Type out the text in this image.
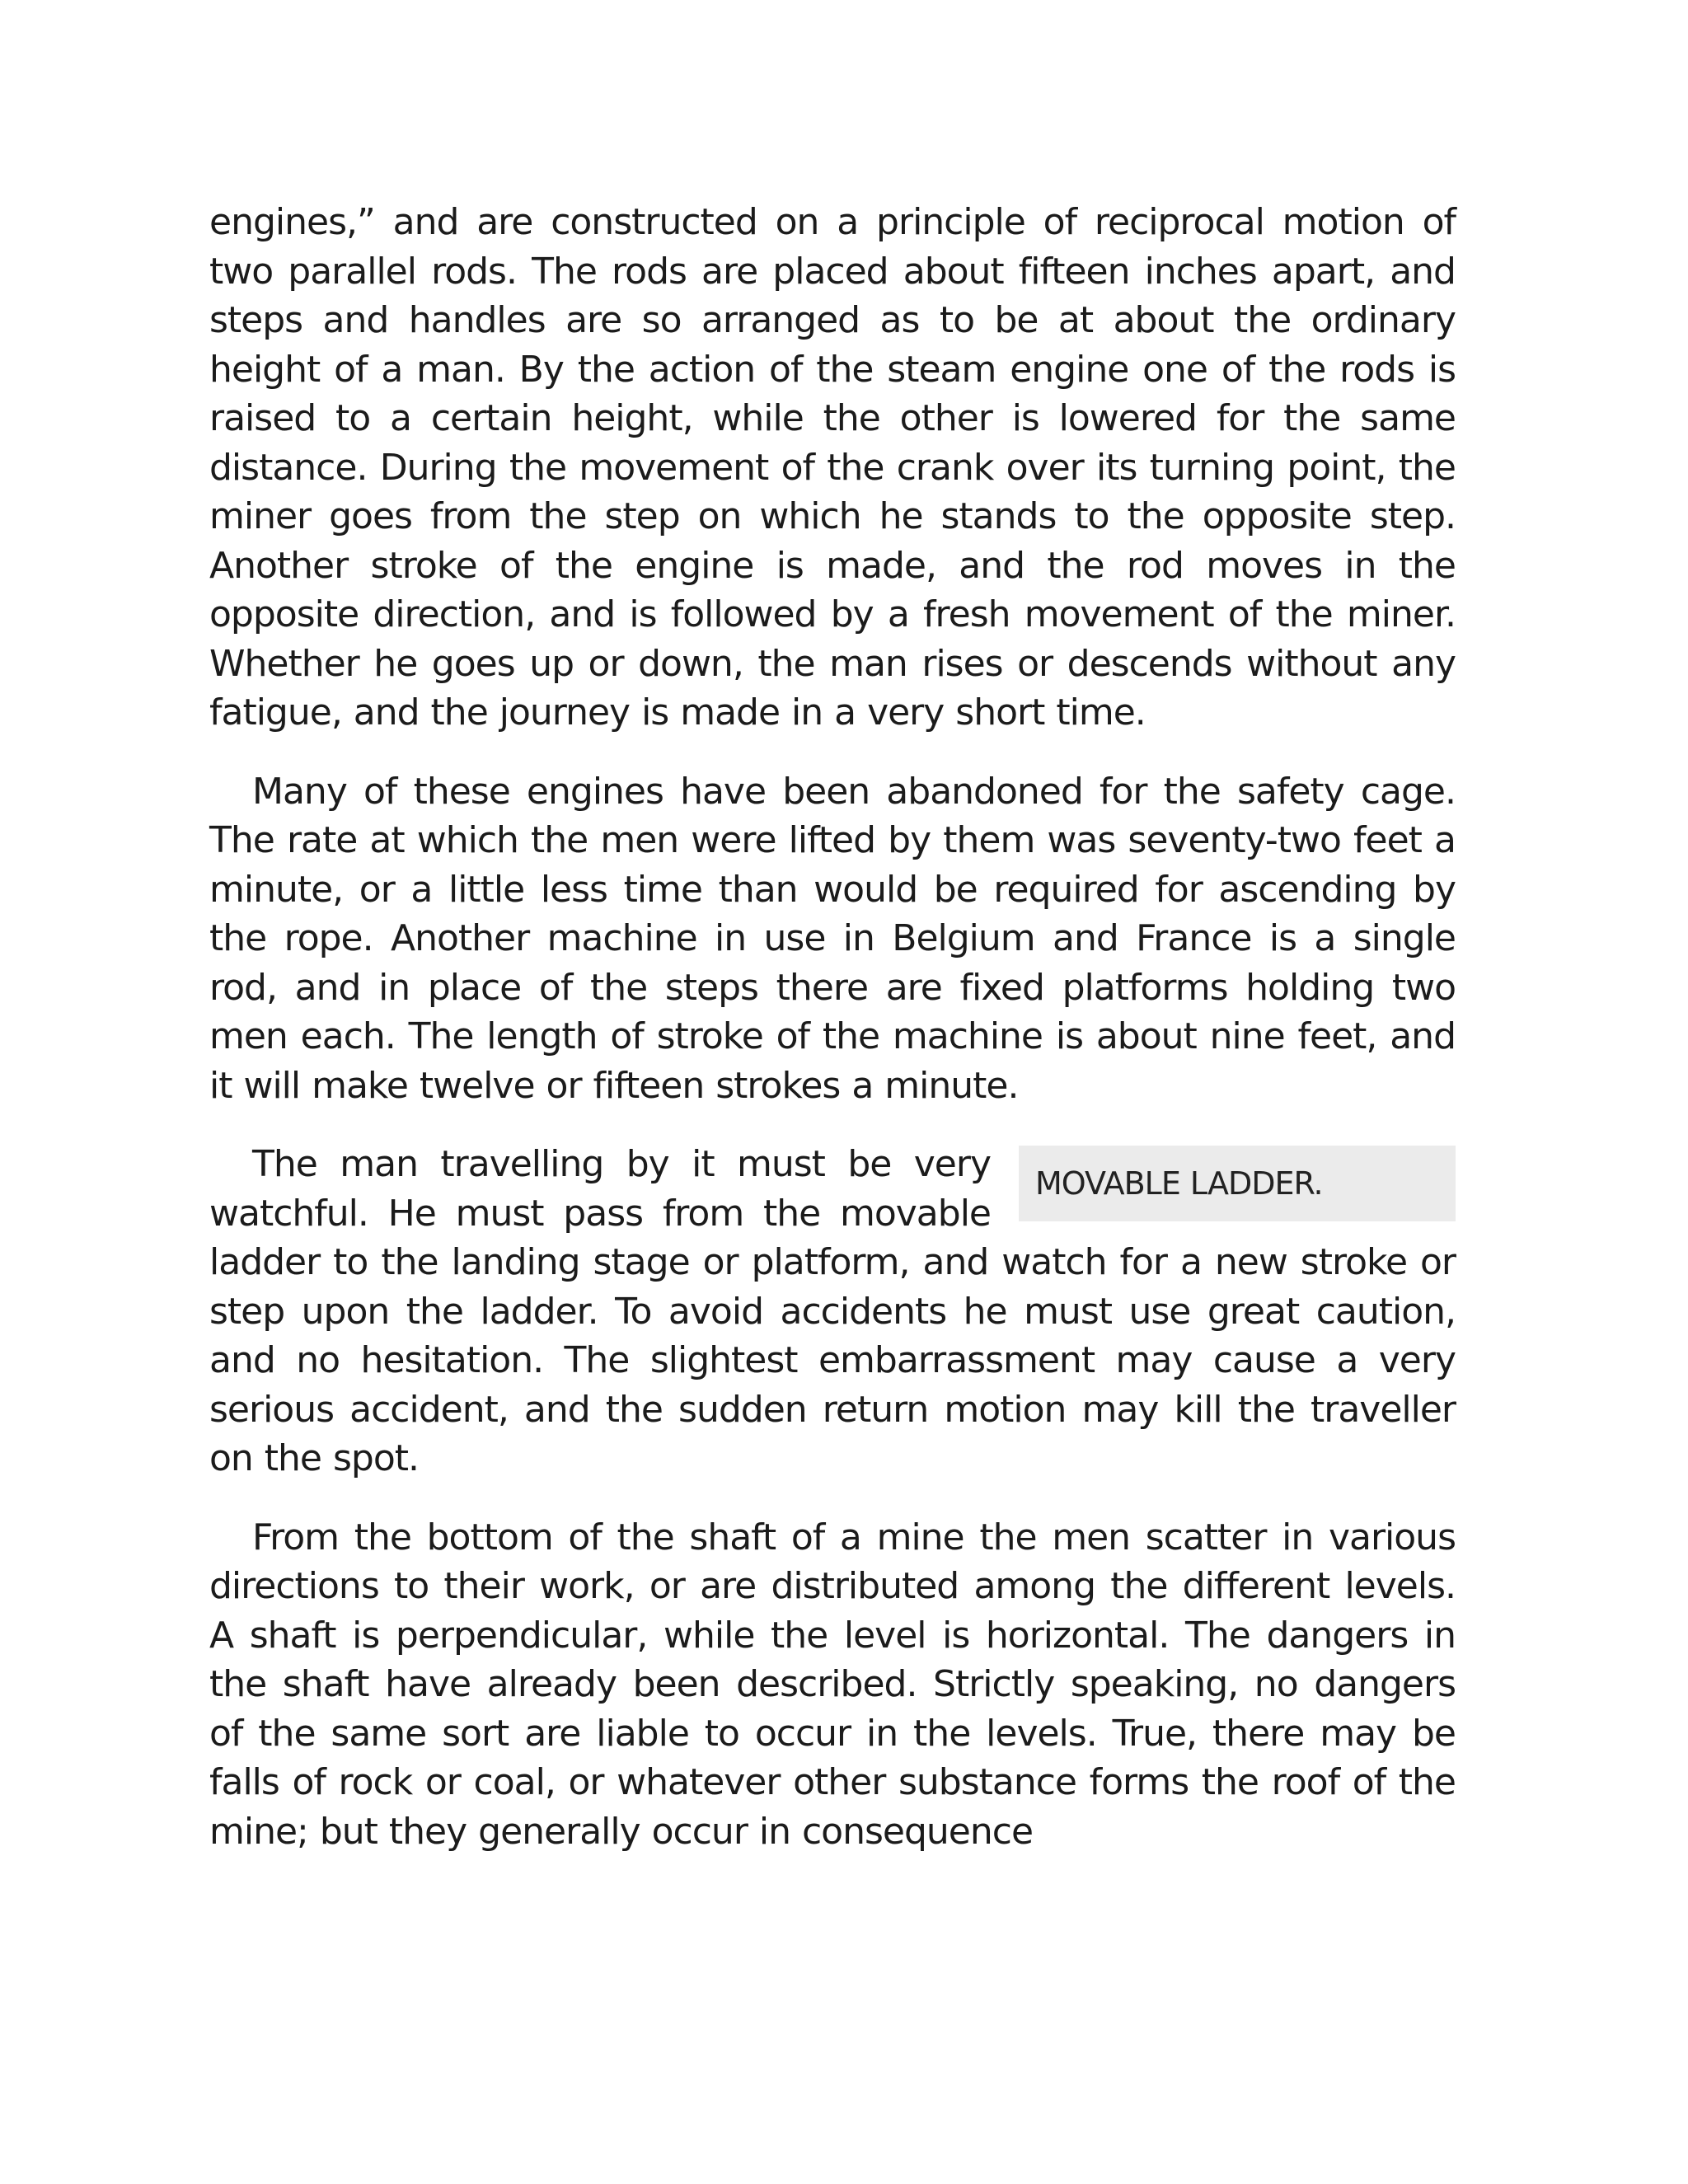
engines,” and are constructed on a principle of reciprocal motion of two parallel rods. The rods are placed about fifteen inches apart, and steps and handles are so arranged as to be at about the ordinary height of a man. By the action of the steam engine one of the rods is raised to a certain height, while the other is lowered for the same distance. During the movement of the crank over its turning point, the miner goes from the step on which he stands to the opposite step. Another stroke of the engine is made, and the rod moves in the opposite direction, and is followed by a fresh movement of the miner. Whether he goes up or down, the man rises or descends without any fatigue, and the journey is made in a very short time.

Many of these engines have been abandoned for the safety cage. The rate at which the men were lifted by them was seventy-two feet a minute, or a little less time than would be required for ascending by the rope. Another machine in use in Belgium and France is a single rod, and in place of the steps there are fixed platforms holding two men each. The length of stroke of the machine is about nine feet, and it will make twelve or fifteen strokes a minute.

MOVABLE LADDER.

The man travelling by it must be very watchful. He must pass from the movable ladder to the landing stage or platform, and watch for a new stroke or step upon the ladder. To avoid accidents he must use great caution, and no hesitation. The slightest embarrassment may cause a very serious accident, and the sudden return motion may kill the traveller on the spot.

From the bottom of the shaft of a mine the men scatter in various directions to their work, or are distributed among the different levels. A shaft is perpendicular, while the level is horizontal. The dangers in the shaft have already been described. Strictly speaking, no dangers of the same sort are liable to occur in the levels. True, there may be falls of rock or coal, or whatever other substance forms the roof of the mine; but they generally occur in consequence
